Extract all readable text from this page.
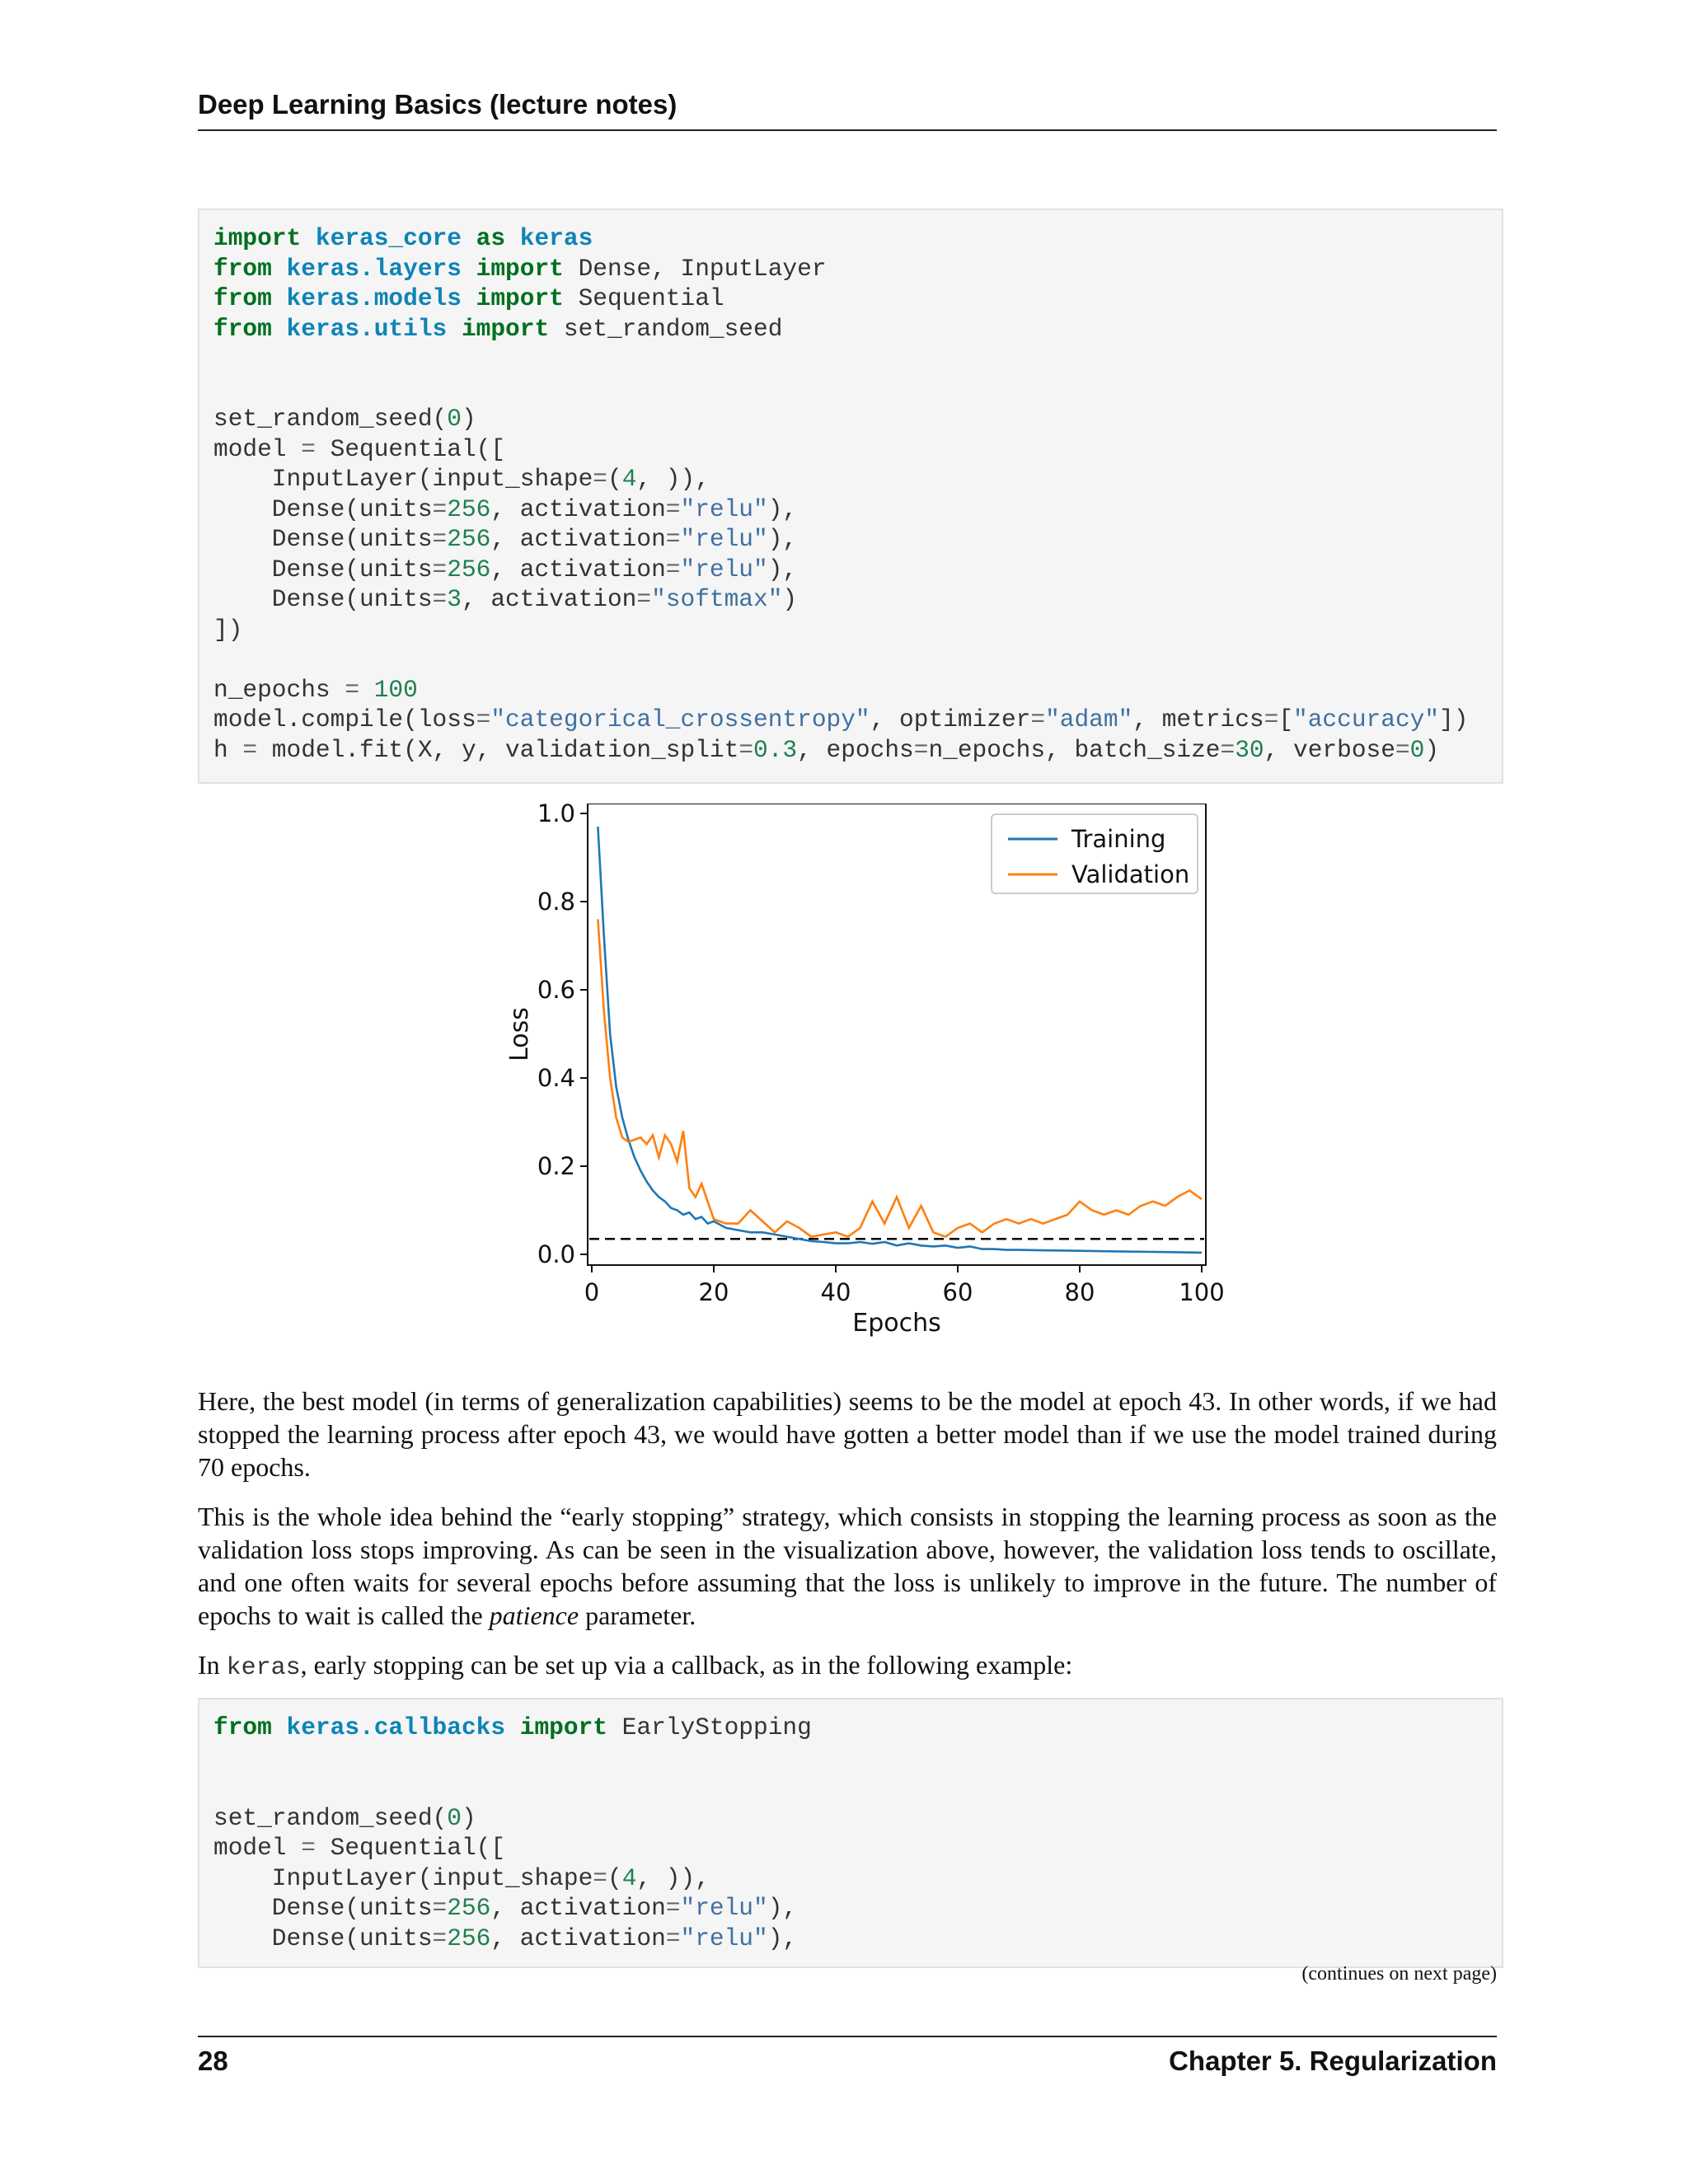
Deep Learning Basics (lecture notes)
import keras_core as keras
from keras.layers import Dense, InputLayer
from keras.models import Sequential
from keras.utils import set_random_seed
set_random_seed(0)
model = Sequential([
InputLayer(input_shape=(4, )),
Dense(units=256, activation="relu"),
Dense(units=256, activation="relu"),
Dense(units=256, activation="relu"),
Dense(units=3, activation="softmax")
])
n_epochs = 100
model.compile(loss="categorical_crossentropy", optimizer="adam", metrics=["accuracy"])
h = model.fit(X, y, validation_split=0.3, epochs=n_epochs, batch_size=30, verbose=0)
0.0
0.2
0.4
0.6
0.8
1.0
0	20	40	60	80	100
Epochs
Loss
Training
Validation

Here, the best model (in terms of generalization capabilities) seems to be the model at epoch 43. In other words, if we had stopped the learning process after epoch 43, we would have gotten a better model than if we use the model trained during 70 epochs.

This is the whole idea behind the “early stopping” strategy, which consists in stopping the learning process as soon as the validation loss stops improving. As can be seen in the visualization above, however, the validation loss tends to oscillate, and one often waits for several epochs before assuming that the loss is unlikely to improve in the future. The number of epochs to wait is called the patience parameter.

In keras, early stopping can be set up via a callback, as in the following example:

from keras.callbacks import EarlyStopping
set_random_seed(0)
model = Sequential([
InputLayer(input_shape=(4, )),
Dense(units=256, activation="relu"),
Dense(units=256, activation="relu"),
(continues on next page)
28	Chapter 5. Regularization
